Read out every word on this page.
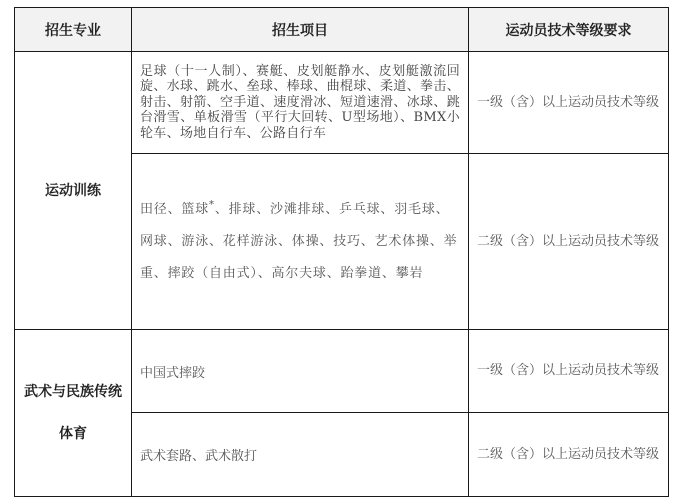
招生专业	招生项目	运动员技术等级要求
运动训练	足球（十一人制）、赛艇、皮划艇静水、皮划艇激流回旋、水球、跳水、垒球、棒球、曲棍球、柔道、拳击、射击、射箭、空手道、速度滑冰、短道速滑、冰球、跳台滑雪、单板滑雪（平行大回转、U型场地）、BMX小轮车、场地自行车、公路自行车	一级（含）以上运动员技术等级
	田径、篮球*、排球、沙滩排球、乒乓球、羽毛球、网球、游泳、花样游泳、体操、技巧、艺术体操、举重、摔跤（自由式）、高尔夫球、跆拳道、攀岩	二级（含）以上运动员技术等级
武术与民族传统体育	中国式摔跤	一级（含）以上运动员技术等级
	武术套路、武术散打	二级（含）以上运动员技术等级
